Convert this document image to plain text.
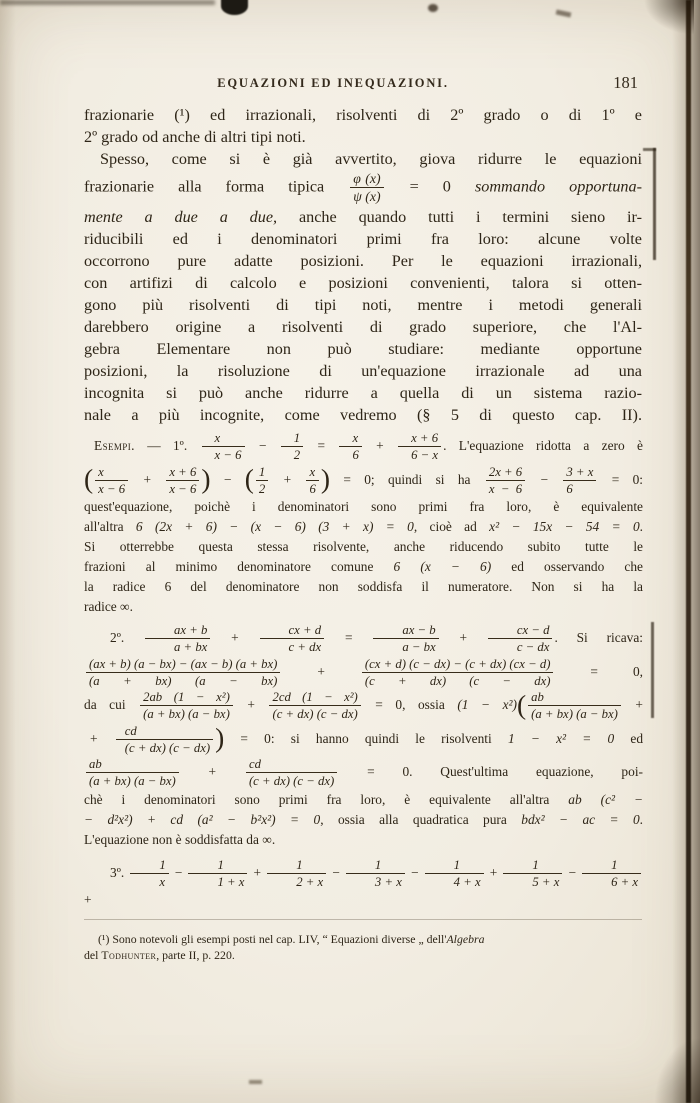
EQUAZIONI ED INEQUAZIONI.	181
frazionarie (¹) ed irrazionali, risolventi di 2º grado o di 1º e
2º grado od anche di altri tipi noti.
Spesso, come si è già avvertito, giova ridurre le equazioni
frazionarie alla forma tipica $\frac{\varphi (x)}{\psi (x)} = 0$ sommando opportuna-
mente a due a due, anche quando tutti i termini sieno ir-
riducibili ed i denominatori primi fra loro: alcune volte
occorrono pure adatte posizioni. Per le equazioni irrazionali,
con artifizi di calcolo e posizioni convenienti, talora si otten-
gono più risolventi di tipi noti, mentre i metodi generali
darebbero origine a risolventi di grado superiore, che l'Al-
gebra Elementare non può studiare: mediante opportune
posizioni, la risoluzione di un'equazione irrazionale ad una
incognita si può anche ridurre a quella di un sistema razio-
nale a più incognite, come vedremo (§ 5 di questo cap. II).
Esempi. — 1º. $\frac{x}{x - 6} - \frac{1}{2} = \frac{x}{6} + \frac{x + 6}{6 - x}$ . L'equazione ridotta a zero è
( $\frac{x}{x - 6} + \frac{x + 6}{x - 6}$ ) − ( $\frac{1}{2} + \frac{x}{6}$ ) = 0; quindi si ha $\frac{2x + 6}{x - 6} - \frac{3 + x}{6} = 0$:
quest'equazione, poichè i denominatori sono primi fra loro, è equivalente
all'altra 6 (2x + 6) − (x − 6) (3 + x) = 0, cioè ad x² − 15x − 54 = 0.
Si otterrebbe questa stessa risolvente, anche riducendo subito tutte le
frazioni al minimo denominatore comune 6 (x − 6) ed osservando che
la radice 6 del denominatore non soddisfa il numeratore. Non si ha la
radice ∞.
2º. $\frac{ax + b}{a + bx} + \frac{cx + d}{c + dx} = \frac{ax - b}{a - bx} + \frac{cx - d}{c - dx}$ . Si ricava:
$\frac{(ax + b) (a - bx) - (ax - b) (a + bx)}{(a + bx) (a - bx)} + \frac{(cx + d) (c - dx) - (c + dx) (cx - d)}{(c + dx) (c - dx)} = 0$,
da cui $\frac{\text{2ab (1 − x²)}}{(a + bx) (a - bx)} + \frac{\text{2cd (1 − x²)}}{(c + dx) (c - dx)} = 0$, ossia $(1 - x^2)( \frac{ab}{(a + bx) (a - bx)}$ +
+ $\frac{cd}{(c + dx) (c - dx)}$ ) = 0: si hanno quindi le risolventi 1 − x² = 0 ed
$\frac{ab}{(a + bx) (a - bx)} + \frac{cd}{(c + dx) (c - dx)} = 0$. Quest'ultima equazione, poi-
chè i denominatori sono primi fra loro, è equivalente all'altra ab (c² −
− d²x²) + cd (a² − b²x²) = 0, ossia alla quadratica pura bdx² − ac = 0.
L'equazione non è soddisfatta da ∞.
3º. $\frac{1}{x} - \frac{1}{1 + x} + \frac{1}{2 + x} - \frac{1}{3 + x} - \frac{1}{4 + x} + \frac{1}{5 + x} - \frac{1}{6 + x}$
+
(¹) Sono notevoli gli esempi posti nel cap. LIV, “ Equazioni diverse „ dell'Algebra
del Todhunter, parte II, p. 220.
